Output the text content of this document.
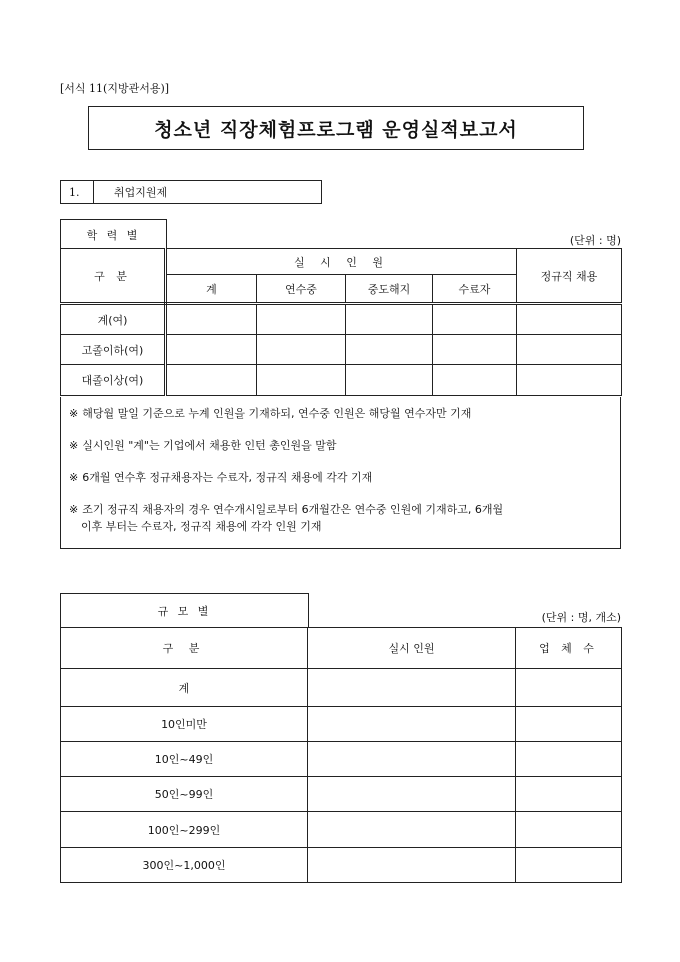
[서식 11(지방관서용)]
청소년 직장체험프로그램 운영실적보고서
1.	취업지원제
학 력 별	(단위 : 명)
구 분	실 시 인 원				정규직 채용
	계	연수중	중도해지	수료자	
계(여)					
고졸이하(여)					
대졸이상(여)					
※ 해당월 말일 기준으로 누계 인원을 기재하되, 연수중 인원은 해당월 연수자만 기재
※ 실시인원 "계"는 기업에서 채용한 인턴 총인원을 말함
※ 6개월 연수후 정규채용자는 수료자, 정규직 채용에 각각 기재
※ 조기 정규직 채용자의 경우 연수개시일로부터 6개월간은 연수중 인원에 기재하고, 6개월
이후 부터는 수료자, 정규직 채용에 각각 인원 기재
규 모 별	(단위 : 명, 개소)
구 분	실시 인원	업 체 수
계		
10인미만		
10인~49인		
50인~99인		
100인~299인		
300인~1,000인		
